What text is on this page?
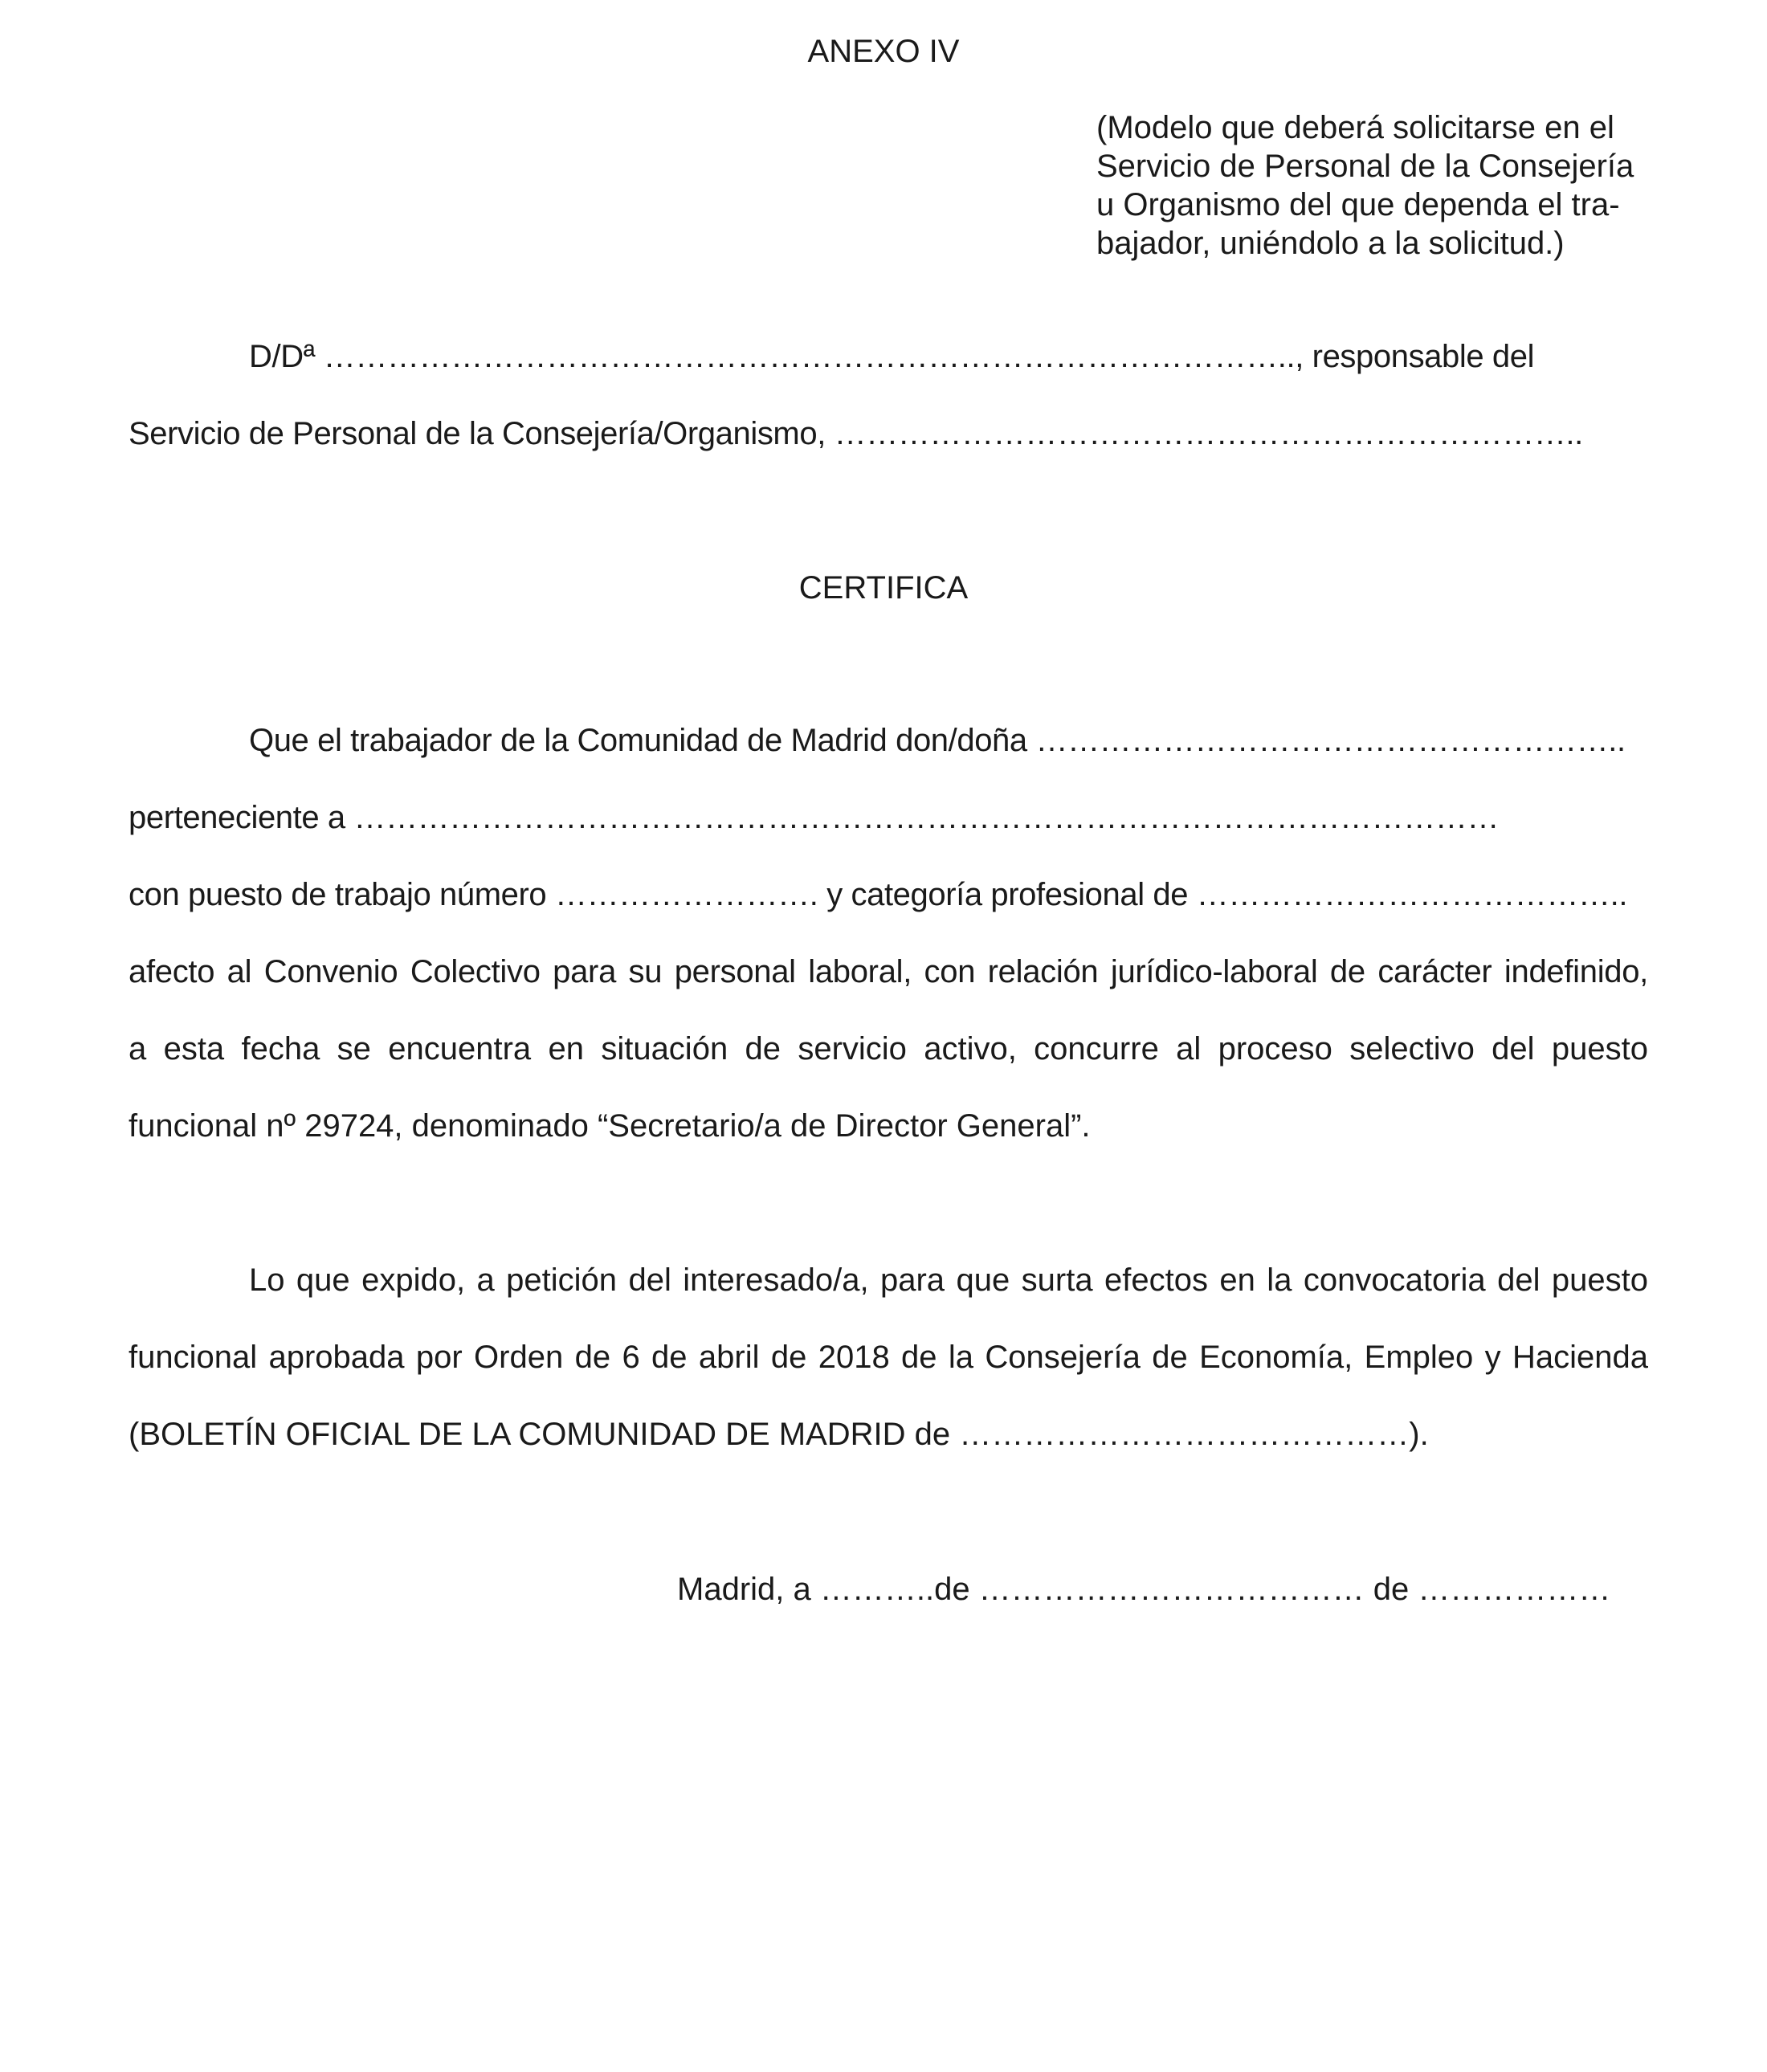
ANEXO IV

(Modelo que deberá solicitarse en el
Servicio de Personal de la Consejería
u Organismo del que dependa el tra-
bajador, uniéndolo a la solicitud.)

D/Dª ……………………………………………………………………………….., responsable del

Servicio de Personal de la Consejería/Organismo, ……………………………………………………………..

CERTIFICA

Que el trabajador de la Comunidad de Madrid don/doña ………………………………………………..

perteneciente a ………………………………………………………………………………………………

con puesto de trabajo número ……………………. y categoría profesional de …………………………………..

afecto al Convenio Colectivo para su personal laboral, con relación jurídico-laboral de carácter indefinido,

a esta fecha se encuentra en situación de servicio activo, concurre al proceso selectivo del puesto

funcional nº 29724, denominado “Secretario/a de Director General”.

Lo que expido, a petición del interesado/a, para que surta efectos en la convocatoria del puesto

funcional aprobada por Orden de 6 de abril de 2018 de la Consejería de Economía, Empleo y Hacienda

(BOLETÍN OFICIAL DE LA COMUNIDAD DE MADRID de ……………………………………).

Madrid, a ………..de ……………………………… de ………………
